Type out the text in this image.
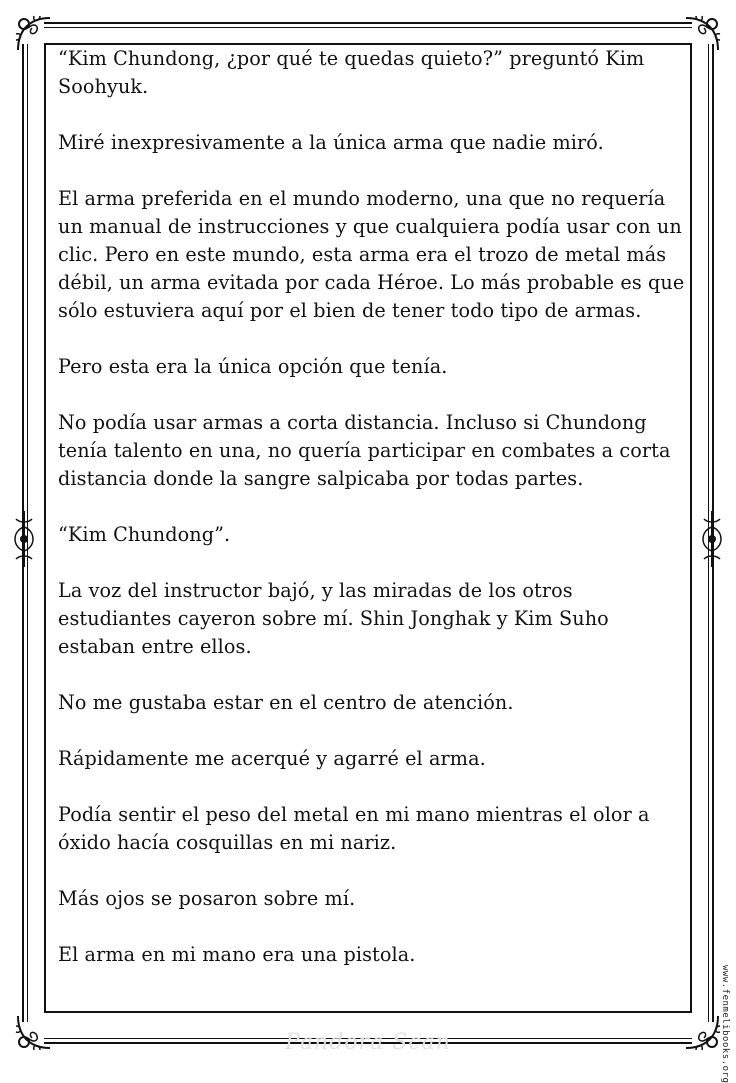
“Kim Chundong, ¿por qué te quedas quieto?” preguntó Kim Soohyuk.

Miré inexpresivamente a la única arma que nadie miró.

El arma preferida en el mundo moderno, una que no requería un manual de instrucciones y que cualquiera podía usar con un clic. Pero en este mundo, esta arma era el trozo de metal más débil, un arma evitada por cada Héroe. Lo más probable es que sólo estuviera aquí por el bien de tener todo tipo de armas.

Pero esta era la única opción que tenía.

No podía usar armas a corta distancia. Incluso si Chundong tenía talento en una, no quería participar en combates a corta distancia donde la sangre salpicaba por todas partes.

“Kim Chundong”.

La voz del instructor bajó, y las miradas de los otros estudiantes cayeron sobre mí. Shin Jonghak y Kim Suho estaban entre ellos.

No me gustaba estar en el centro de atención.

Rápidamente me acerqué y agarré el arma.

Podía sentir el peso del metal en mi mano mientras el olor a óxido hacía cosquillas en mi nariz.

Más ojos se posaron sobre mí.

El arma en mi mano era una pistola.

www.fenmelibooks.org
Pandora Scan
